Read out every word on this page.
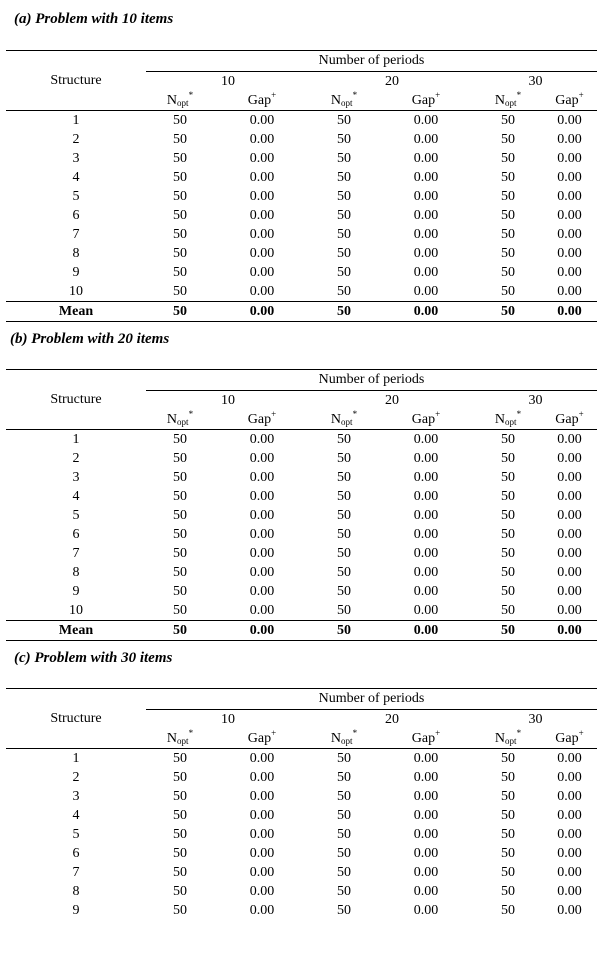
(a) Problem with 10 items
Structure	Number of periods					
	10		20		30	
	$N_{opt}^*$	Gap+	$N_{opt}^*$	Gap+	$N_{opt}^*$	Gap+
1	50	0.00	50	0.00	50	0.00
2	50	0.00	50	0.00	50	0.00
3	50	0.00	50	0.00	50	0.00
4	50	0.00	50	0.00	50	0.00
5	50	0.00	50	0.00	50	0.00
6	50	0.00	50	0.00	50	0.00
7	50	0.00	50	0.00	50	0.00
8	50	0.00	50	0.00	50	0.00
9	50	0.00	50	0.00	50	0.00
10	50	0.00	50	0.00	50	0.00
Mean	50	0.00	50	0.00	50	0.00
(b) Problem with 20 items
Structure	Number of periods					
	10		20		30	
	$N_{opt}^*$	Gap+	$N_{opt}^*$	Gap+	$N_{opt}^*$	Gap+
1	50	0.00	50	0.00	50	0.00
2	50	0.00	50	0.00	50	0.00
3	50	0.00	50	0.00	50	0.00
4	50	0.00	50	0.00	50	0.00
5	50	0.00	50	0.00	50	0.00
6	50	0.00	50	0.00	50	0.00
7	50	0.00	50	0.00	50	0.00
8	50	0.00	50	0.00	50	0.00
9	50	0.00	50	0.00	50	0.00
10	50	0.00	50	0.00	50	0.00
Mean	50	0.00	50	0.00	50	0.00
(c) Problem with 30 items
Structure	Number of periods					
	10		20		30	
	$N_{opt}^*$	Gap+	$N_{opt}^*$	Gap+	$N_{opt}^*$	Gap+
1	50	0.00	50	0.00	50	0.00
2	50	0.00	50	0.00	50	0.00
3	50	0.00	50	0.00	50	0.00
4	50	0.00	50	0.00	50	0.00
5	50	0.00	50	0.00	50	0.00
6	50	0.00	50	0.00	50	0.00
7	50	0.00	50	0.00	50	0.00
8	50	0.00	50	0.00	50	0.00
9	50	0.00	50	0.00	50	0.00
